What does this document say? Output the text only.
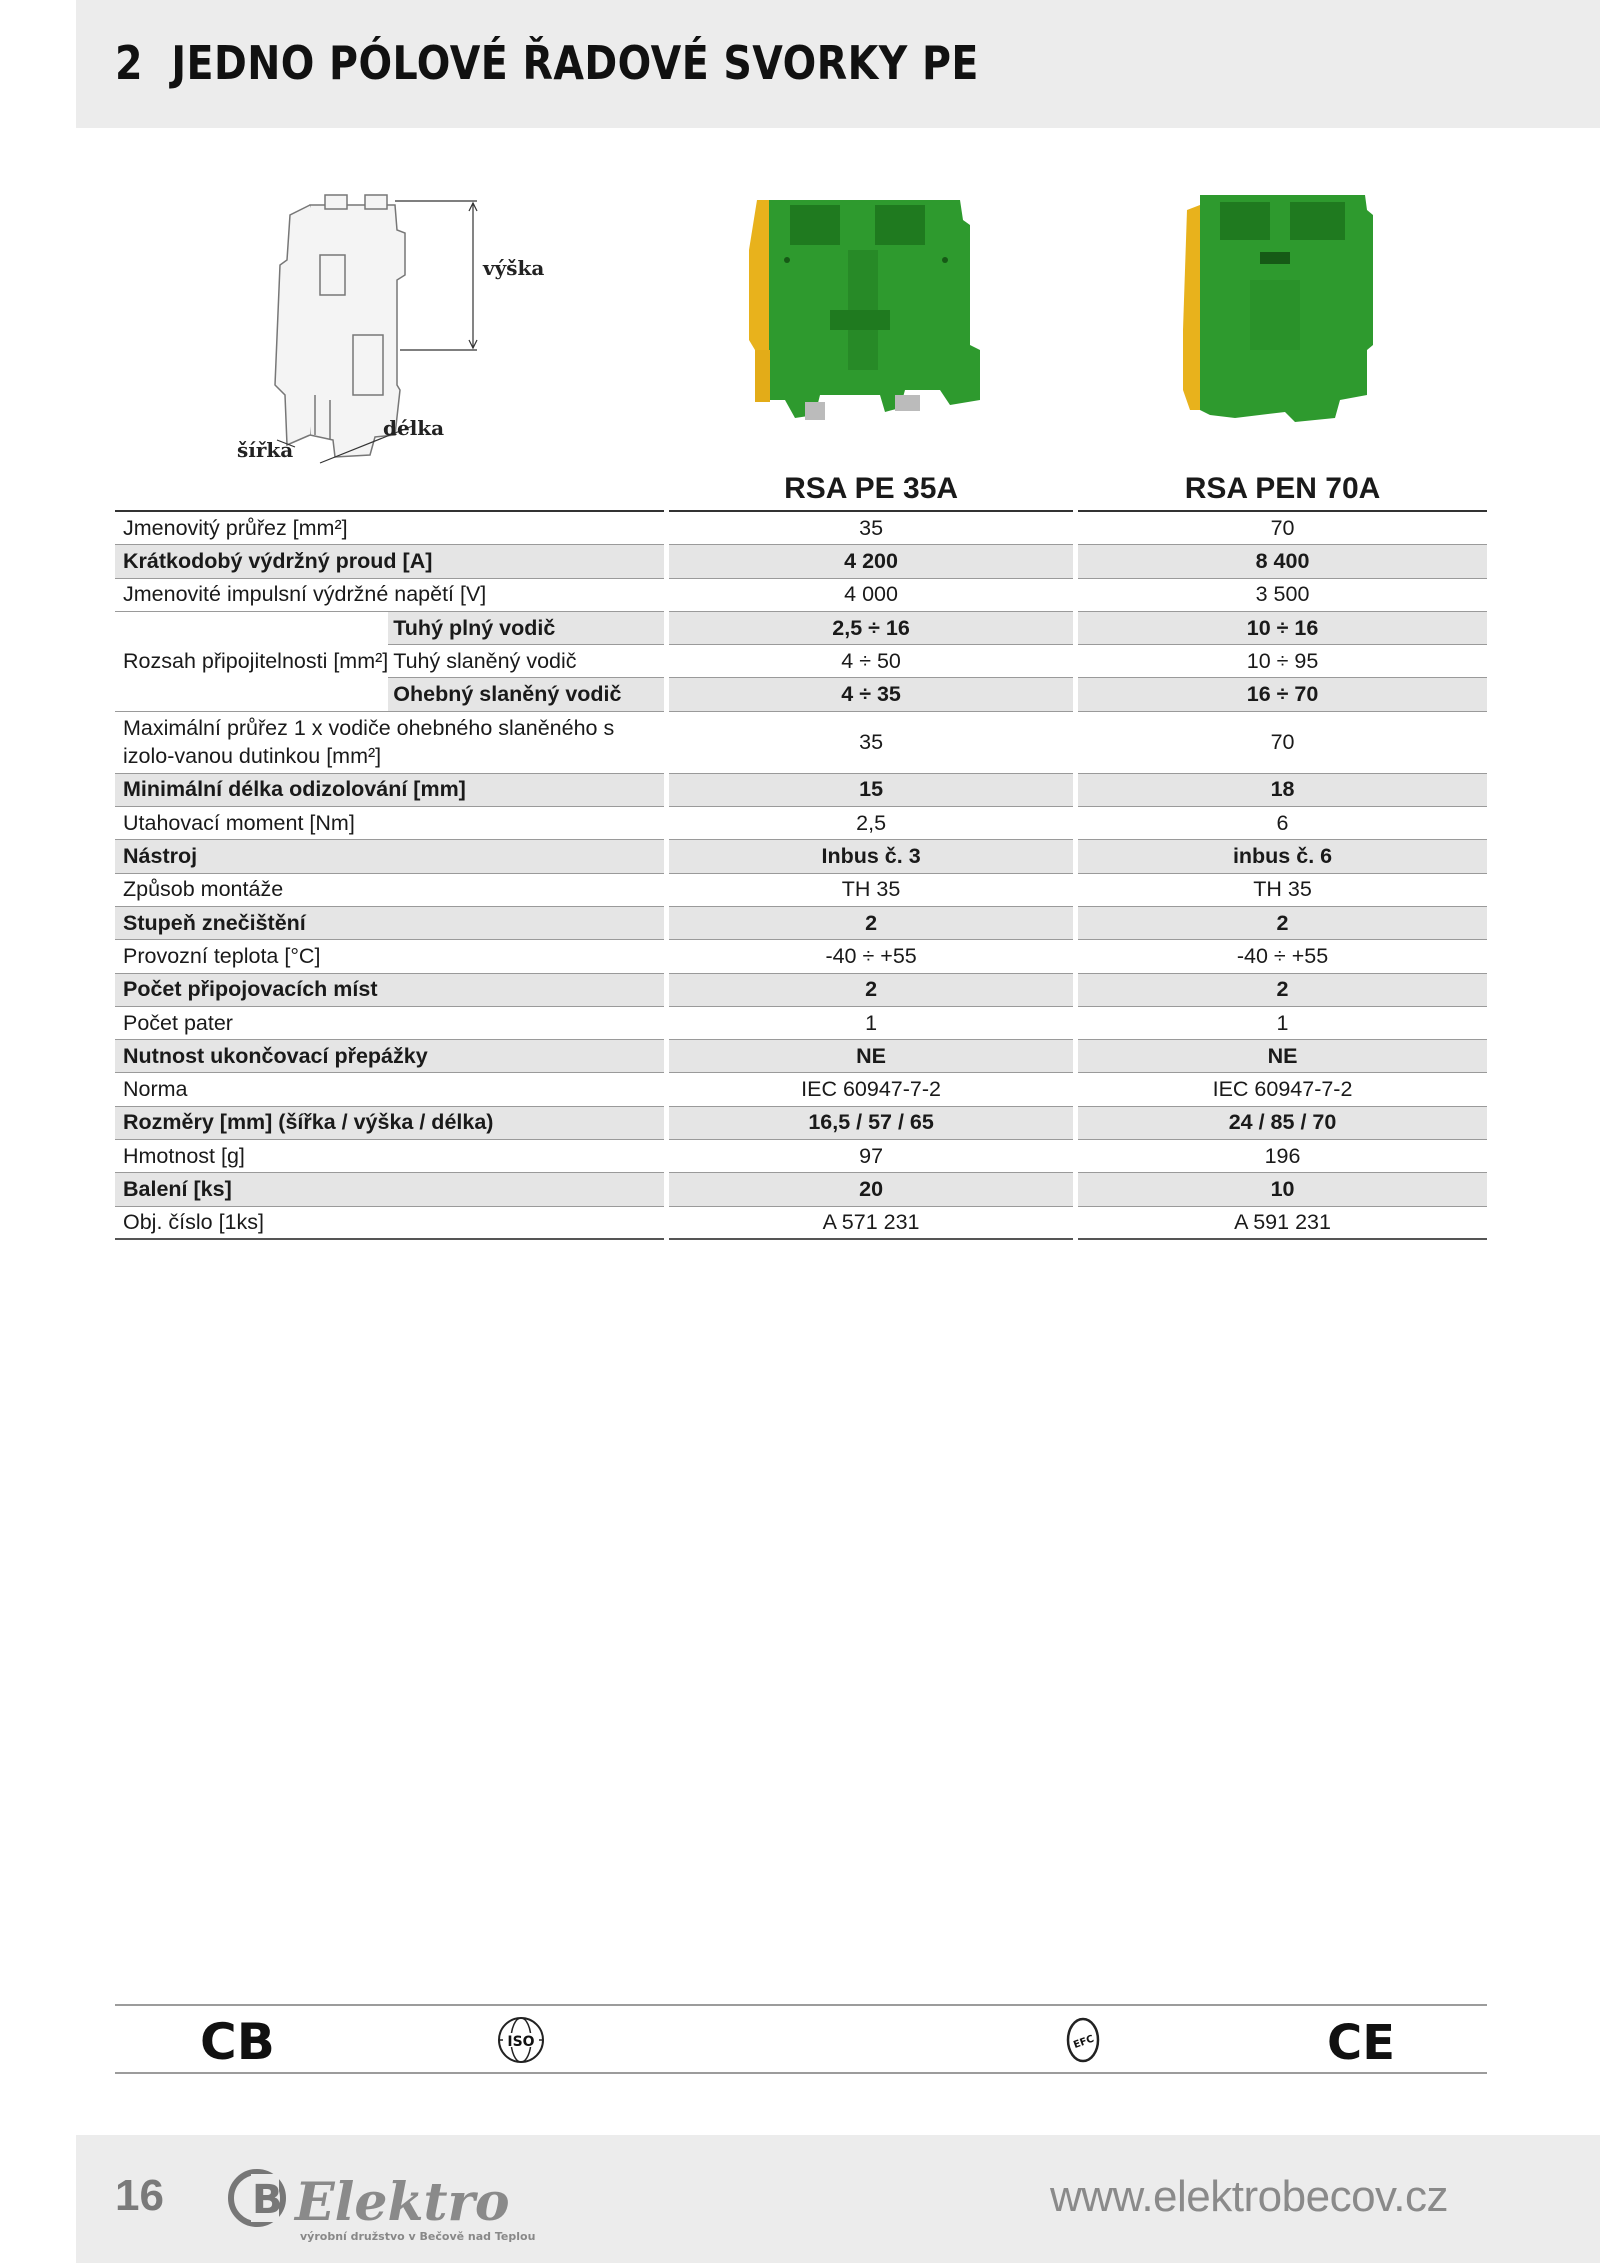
2 JEDNO PÓLOVÉ ŘADOVÉ SVORKY PE
výška
délka
šířka
			RSA PE 35A		RSA PEN 70A
Jmenovitý průřez [mm²]			35		70
Krátkodobý výdržný proud [A]			4 200		8 400
Jmenovité impulsní výdržné napětí [V]			4 000		3 500
Rozsah připojitelnosti [mm²]	Tuhý plný vodič		2,5 ÷ 16		10 ÷ 16
	Tuhý slaněný vodič		4 ÷ 50		10 ÷ 95
	Ohebný slaněný vodič		4 ÷ 35		16 ÷ 70
Maximální průřez 1 x vodiče ohebného slaněného s izolo-vanou dutinkou [mm²]			35		70
Minimální délka odizolování [mm]			15		18
Utahovací moment [Nm]			2,5		6
Nástroj			Inbus č. 3		inbus č. 6
Způsob montáže			TH 35		TH 35
Stupeň znečištění			2		2
Provozní teplota [°C]			-40 ÷ +55		-40 ÷ +55
Počet připojovacích míst			2		2
Počet pater			1		1
Nutnost ukončovací přepážky			NE		NE
Norma			IEC 60947-7-2		IEC 60947-7-2
Rozměry [mm] (šířka / výška / délka)			16,5 / 57 / 65		24 / 85 / 70
Hmotnost [g]			97		196
Balení [ks]			20		10
Obj. číslo [1ks]			A 571 231		A 591 231
CB	ISO	EFC	CE
16 B Elektro
výrobní družstvo v Bečově nad Teplou
www.elektrobecov.cz
